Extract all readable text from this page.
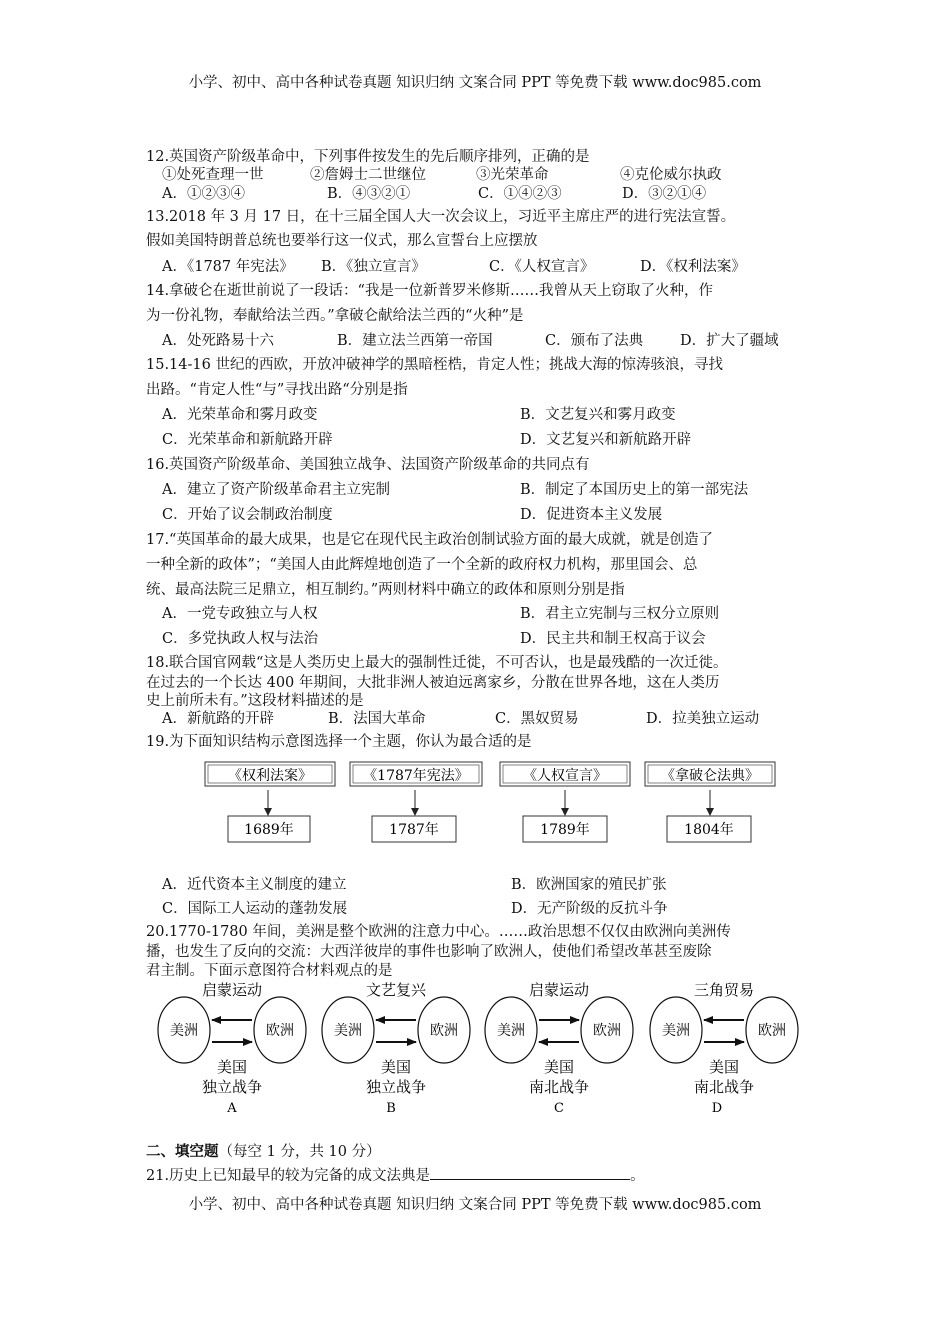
小学、初中、高中各种试卷真题 知识归纳 文案合同 PPT 等免费下载 www.doc985.com
12.英国资产阶级革命中，下列事件按发生的先后顺序排列，正确的是
①处死查理一世	②詹姆士二世继位	③光荣革命	④克伦威尔执政
A．①②③④	B．④③②①	C．①④②③	D．③②①④
13.2018 年 3 月 17 日，在十三届全国人大一次会议上，习近平主席庄严的进行宪法宣誓。
假如美国特朗普总统也要举行这一仪式，那么宣誓台上应摆放
A．《1787 年宪法》 B．《独立宣言》	C．《人权宣言》	D．《权利法案》
14.拿破仑在逝世前说了一段话：“我是一位新普罗米修斯……我曾从天上窃取了火种，作
为一份礼物，奉献给法兰西。”拿破仑献给法兰西的“火种”是
A．处死路易十六	B．建立法兰西第一帝国	C．颁布了法典	D．扩大了疆域
15.14-16 世纪的西欧，开放冲破神学的黑暗桎梏，肯定人性；挑战大海的惊涛骇浪，寻找
出路。“肯定人性“与”寻找出路“分别是指
A．光荣革命和雾月政变	B．文艺复兴和雾月政变
C．光荣革命和新航路开辟	D．文艺复兴和新航路开辟
16.英国资产阶级革命、美国独立战争、法国资产阶级革命的共同点有
A．建立了资产阶级革命君主立宪制	B．制定了本国历史上的第一部宪法
C．开始了议会制政治制度	D．促进资本主义发展
17.“英国革命的最大成果，也是它在现代民主政治创制试验方面的最大成就，就是创造了
一种全新的政体”；“美国人由此辉煌地创造了一个全新的政府权力机构，那里国会、总
统、最高法院三足鼎立，相互制约。”两则材料中确立的政体和原则分别是指
A．一党专政独立与人权	B．君主立宪制与三权分立原则
C．多党执政人权与法治	D．民主共和制王权高于议会
18.联合国官网载“这是人类历史上最大的强制性迁徙，不可否认，也是最残酷的一次迁徙。
在过去的一个长达 400 年期间，大批非洲人被迫远离家乡，分散在世界各地，这在人类历
史上前所未有。”这段材料描述的是
A．新航路的开辟	B．法国大革命	C．黑奴贸易	D．拉美独立运动
19.为下面知识结构示意图选择一个主题，你认为最合适的是
《权利法案》	《1787年宪法》	《人权宣言》	《拿破仑法典》
1689年	1787年	1789年	1804年
A．近代资本主义制度的建立	B．欧洲国家的殖民扩张
C．国际工人运动的蓬勃发展	D．无产阶级的反抗斗争
20.1770-1780 年间，美洲是整个欧洲的注意力中心。……政治思想不仅仅由欧洲向美洲传
播，也发生了反向的交流：大西洋彼岸的事件也影响了欧洲人，使他们希望改革甚至废除
君主制。下面示意图符合材料观点的是
启蒙运动
美洲	欧洲
美国
独立战争
A
文艺复兴
美洲	欧洲
美国
独立战争
B
启蒙运动
美洲	欧洲
美国
南北战争
C
三角贸易
美洲	欧洲
美国
南北战争
D
二、填空题（每空 1 分，共 10 分）
21.历史上已知最早的较为完备的成文法典是	。
小学、初中、高中各种试卷真题 知识归纳 文案合同 PPT 等免费下载 www.doc985.com
